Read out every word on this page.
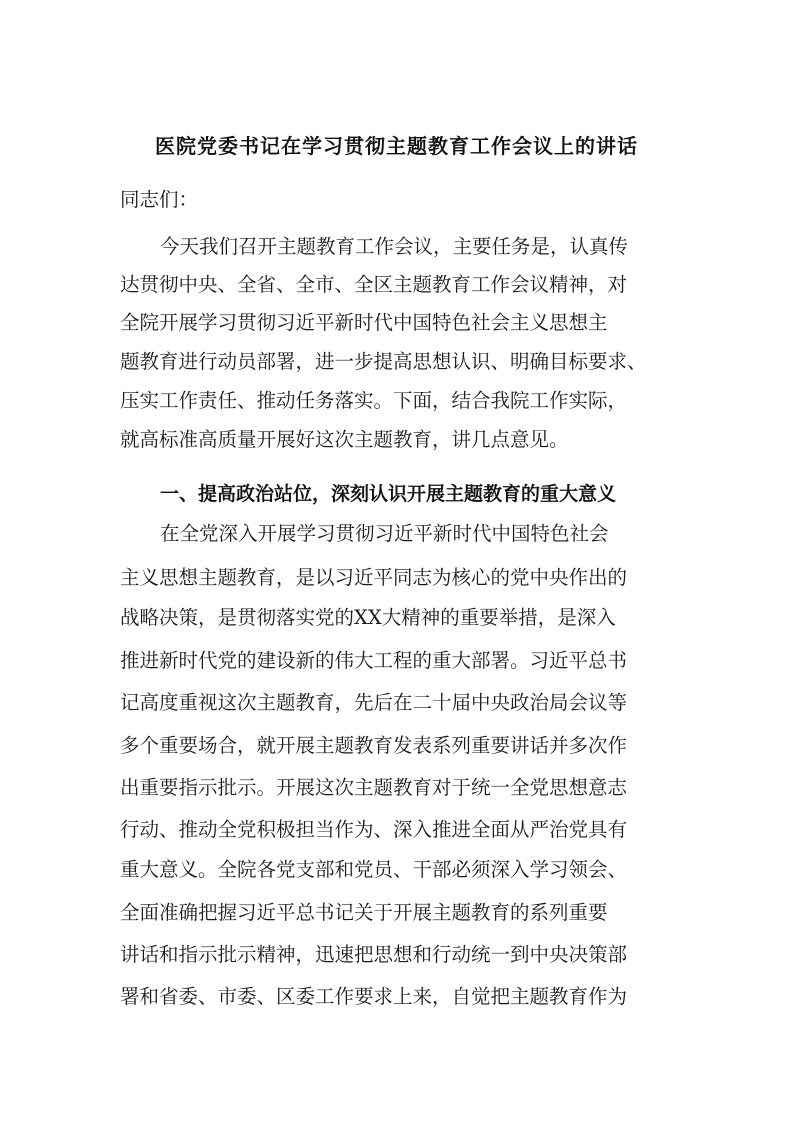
医院党委书记在学习贯彻主题教育工作会议上的讲话
同志们：
今天我们召开主题教育工作会议，主要任务是，认真传
达贯彻中央、全省、全市、全区主题教育工作会议精神，对
全院开展学习贯彻习近平新时代中国特色社会主义思想主
题教育进行动员部署，进一步提高思想认识、明确目标要求、
压实工作责任、推动任务落实。下面，结合我院工作实际，
就高标准高质量开展好这次主题教育，讲几点意见。
一、提高政治站位，深刻认识开展主题教育的重大意义
在全党深入开展学习贯彻习近平新时代中国特色社会
主义思想主题教育，是以习近平同志为核心的党中央作出的
战略决策，是贯彻落实党的XX大精神的重要举措，是深入
推进新时代党的建设新的伟大工程的重大部署。习近平总书
记高度重视这次主题教育，先后在二十届中央政治局会议等
多个重要场合，就开展主题教育发表系列重要讲话并多次作
出重要指示批示。开展这次主题教育对于统一全党思想意志
行动、推动全党积极担当作为、深入推进全面从严治党具有
重大意义。全院各党支部和党员、干部必须深入学习领会、
全面准确把握习近平总书记关于开展主题教育的系列重要
讲话和指示批示精神，迅速把思想和行动统一到中央决策部
署和省委、市委、区委工作要求上来，自觉把主题教育作为
